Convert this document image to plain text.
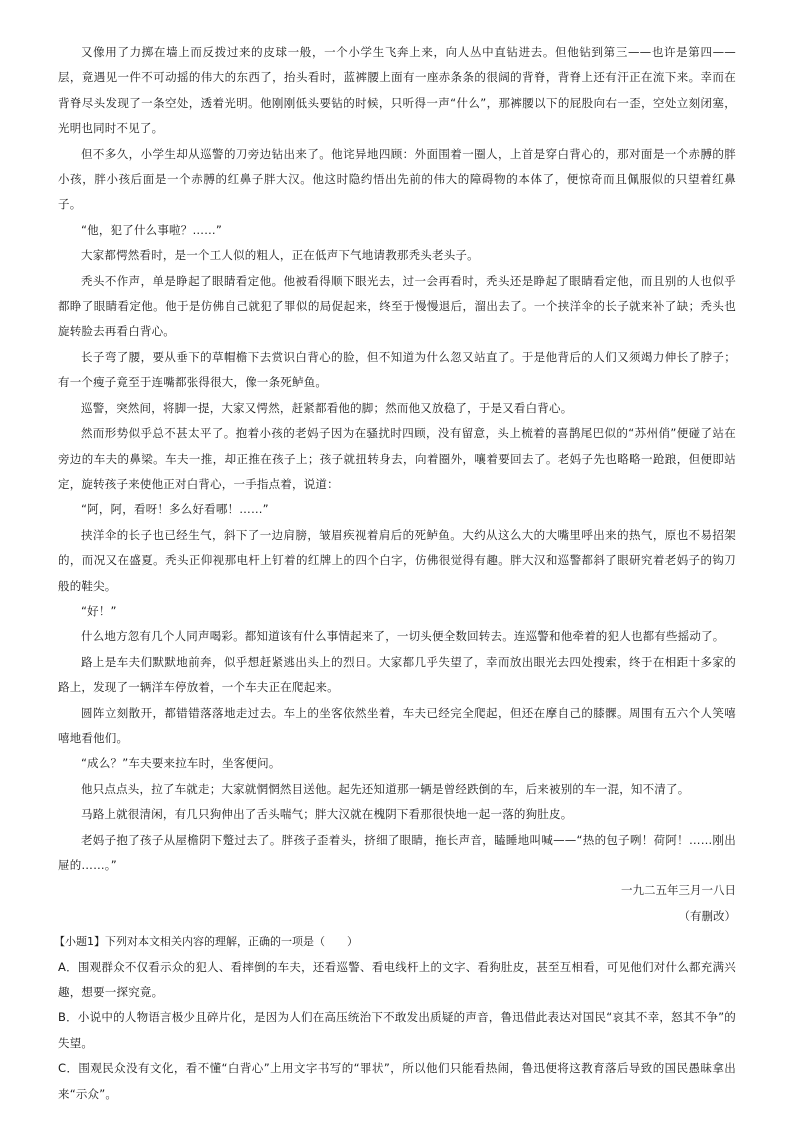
又像用了力掷在墙上而反拨过来的皮球一般，一个小学生飞奔上来，向人丛中直钻进去。但他钻到第三——也许是第四——层，竟遇见一件不可动摇的伟大的东西了，抬头看时，蓝裤腰上面有一座赤条条的很阔的背脊，背脊上还有汗正在流下来。幸而在背脊尽头发现了一条空处，透着光明。他刚刚低头要钻的时候，只听得一声“什么”，那裤腰以下的屁股向右一歪，空处立刻闭塞，光明也同时不见了。

但不多久，小学生却从巡警的刀旁边钻出来了。他诧异地四顾：外面围着一圈人，上首是穿白背心的，那对面是一个赤膊的胖小孩，胖小孩后面是一个赤膊的红鼻子胖大汉。他这时隐约悟出先前的伟大的障碍物的本体了，便惊奇而且佩服似的只望着红鼻子。

“他，犯了什么事啦？……”

大家都愕然看时，是一个工人似的粗人，正在低声下气地请教那秃头老头子。

秃头不作声，单是睁起了眼睛看定他。他被看得顺下眼光去，过一会再看时，秃头还是睁起了眼睛看定他，而且别的人也似乎都睁了眼睛看定他。他于是仿佛自己就犯了罪似的局促起来，终至于慢慢退后，溜出去了。一个挟洋伞的长子就来补了缺；秃头也旋转脸去再看白背心。

长子弯了腰，要从垂下的草帽檐下去赏识白背心的脸，但不知道为什么忽又站直了。于是他背后的人们又须竭力伸长了脖子；有一个瘦子竟至于连嘴都张得很大，像一条死鲈鱼。

巡警，突然间，将脚一提，大家又愕然，赶紧都看他的脚；然而他又放稳了，于是又看白背心。

然而形势似乎总不甚太平了。抱着小孩的老妈子因为在骚扰时四顾，没有留意，头上梳着的喜鹊尾巴似的“苏州俏”便碰了站在旁边的车夫的鼻梁。车夫一推，却正推在孩子上；孩子就扭转身去，向着圈外，嚷着要回去了。老妈子先也略略一跄踉，但便即站定，旋转孩子来使他正对白背心，一手指点着，说道：

“阿，阿，看呀！多么好看哪！……”

挟洋伞的长子也已经生气，斜下了一边肩膀，皱眉疾视着肩后的死鲈鱼。大约从这么大的大嘴里呼出来的热气，原也不易招架的，而况又在盛夏。秃头正仰视那电杆上钉着的红牌上的四个白字，仿佛很觉得有趣。胖大汉和巡警都斜了眼研究着老妈子的钩刀般的鞋尖。

“好！”

什么地方忽有几个人同声喝彩。都知道该有什么事情起来了，一切头便全数回转去。连巡警和他牵着的犯人也都有些摇动了。

路上是车夫们默默地前奔，似乎想赶紧逃出头上的烈日。大家都几乎失望了，幸而放出眼光去四处搜索，终于在相距十多家的路上，发现了一辆洋车停放着，一个车夫正在爬起来。

圆阵立刻散开，都错错落落地走过去。车上的坐客依然坐着，车夫已经完全爬起，但还在摩自己的膝髁。周围有五六个人笑嘻嘻地看他们。

“成么？”车夫要来拉车时，坐客便问。

他只点点头，拉了车就走；大家就惘惘然目送他。起先还知道那一辆是曾经跌倒的车，后来被别的车一混，知不清了。

马路上就很清闲，有几只狗伸出了舌头喘气；胖大汉就在槐阴下看那很快地一起一落的狗肚皮。

老妈子抱了孩子从屋檐阴下蹩过去了。胖孩子歪着头，挤细了眼睛，拖长声音，瞌睡地叫喊——“热的包子咧！荷阿！……刚出屉的……。”

一九二五年三月一八日

（有删改）

【小题1】下列对本文相关内容的理解，正确的一项是（　　）

A．围观群众不仅看示众的犯人、看摔倒的车夫，还看巡警、看电线杆上的文字、看狗肚皮，甚至互相看，可见他们对什么都充满兴趣，想要一探究竟。

B．小说中的人物语言极少且碎片化，是因为人们在高压统治下不敢发出质疑的声音，鲁迅借此表达对国民“哀其不幸，怒其不争”的失望。

C．围观民众没有文化，看不懂“白背心”上用文字书写的“罪状”，所以他们只能看热闹，鲁迅便将这教育落后导致的国民愚昧拿出来“示众”。
